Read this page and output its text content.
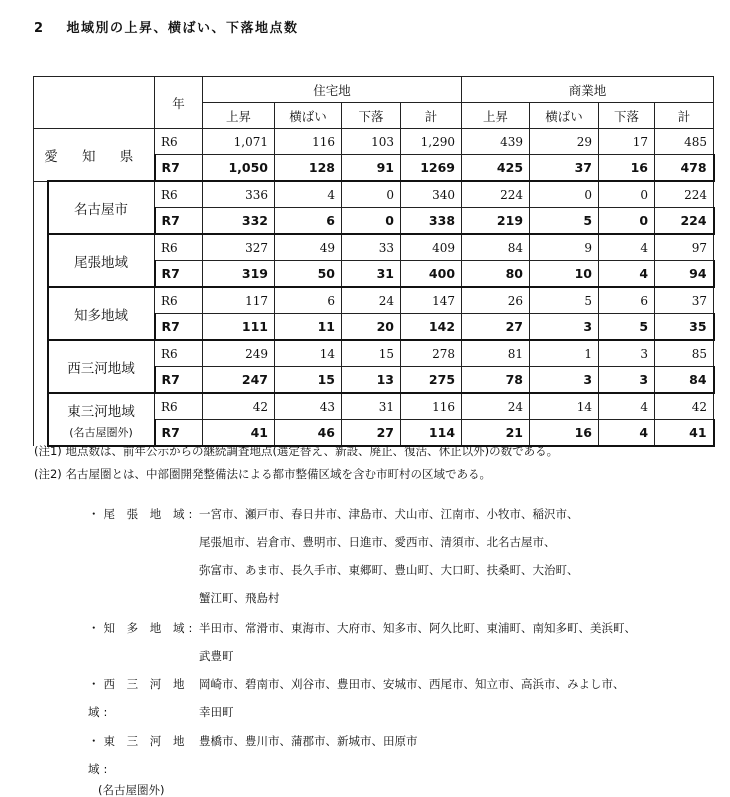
2 地域別の上昇、横ばい、下落地点数
		年	住宅地				商業地			
			上昇	横ばい	下落	計	上昇	横ばい	下落	計
愛 知 県		R6	1,071	116	103	1,290	439	29	17	485
		R7	1,050	128	91	1269	425	37	16	478
	名古屋市	R6	336	4	0	340	224	0	0	224
		R7	332	6	0	338	219	5	0	224
	尾張地域	R6	327	49	33	409	84	9	4	97
		R7	319	50	31	400	80	10	4	94
	知多地域	R6	117	6	24	147	26	5	6	37
		R7	111	11	20	142	27	3	5	35
	西三河地域	R6	249	14	15	278	81	1	3	85
		R7	247	15	13	275	78	3	3	84
	東三河地域
(名古屋圏外)	R6	42	43	31	116	24	14	4	42
		R7	41	46	27	114	21	16	4	41

(注1) 地点数は、前年公示からの継続調査地点(選定替え、新設、廃止、復活、休止以外)の数である。

(注2) 名古屋圏とは、中部圏開発整備法による都市整備区域を含む市町村の区域である。

・尾 張 地 域: 一宮市、瀬戸市、春日井市、津島市、犬山市、江南市、小牧市、稲沢市、
尾張旭市、岩倉市、豊明市、日進市、愛西市、清須市、北名古屋市、
弥富市、あま市、長久手市、東郷町、豊山町、大口町、扶桑町、大治町、
蟹江町、飛島村
・知 多 地 域: 半田市、常滑市、東海市、大府市、知多市、阿久比町、東浦町、南知多町、美浜町、
武豊町
・西 三 河 地 域:
岡崎市、碧南市、刈谷市、豊田市、安城市、西尾市、知立市、高浜市、みよし市、
幸田町
・東 三 河 地 域:
(名古屋圏外)
豊橋市、豊川市、蒲郡市、新城市、田原市
